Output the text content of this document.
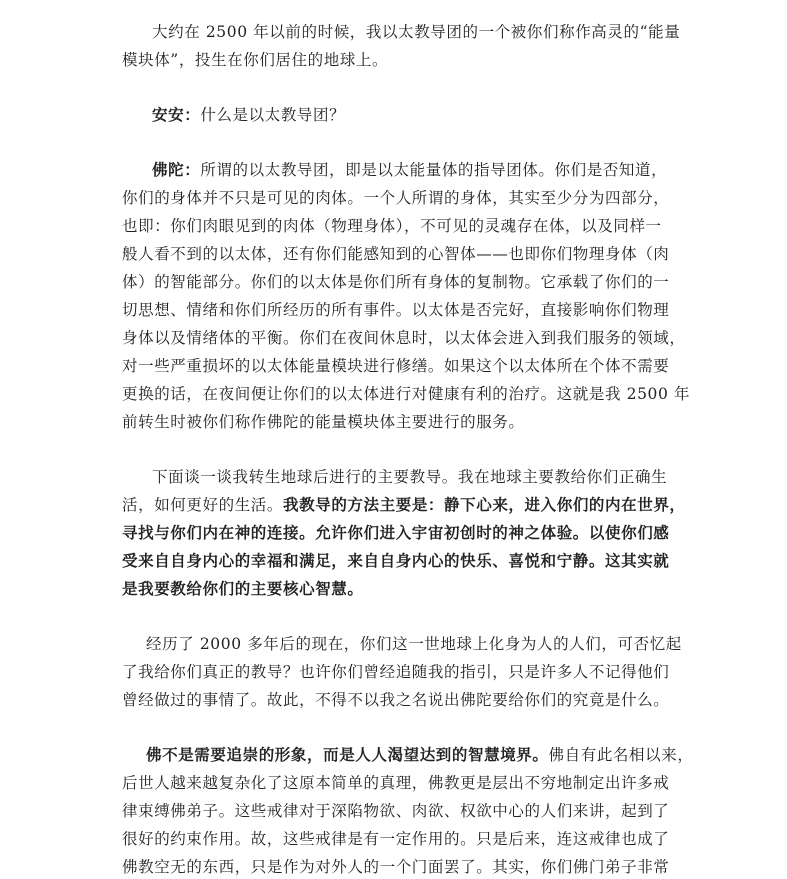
大约在 2500 年以前的时候，我以太教导团的一个被你们称作高灵的“能量
模块体”，投生在你们居住的地球上。
安安：什么是以太教导团？
佛陀：所谓的以太教导团，即是以太能量体的指导团体。你们是否知道，
你们的身体并不只是可见的肉体。一个人所谓的身体，其实至少分为四部分，
也即：你们肉眼见到的肉体（物理身体），不可见的灵魂存在体，以及同样一
般人看不到的以太体，还有你们能感知到的心智体——也即你们物理身体（肉
体）的智能部分。你们的以太体是你们所有身体的复制物。它承载了你们的一
切思想、情绪和你们所经历的所有事件。以太体是否完好，直接影响你们物理
身体以及情绪体的平衡。你们在夜间休息时，以太体会进入到我们服务的领域，
对一些严重损坏的以太体能量模块进行修缮。如果这个以太体所在个体不需要
更换的话，在夜间便让你们的以太体进行对健康有利的治疗。这就是我 2500 年
前转生时被你们称作佛陀的能量模块体主要进行的服务。
下面谈一谈我转生地球后进行的主要教导。我在地球主要教给你们正确生
活，如何更好的生活。我教导的方法主要是：静下心来，进入你们的内在世界，
寻找与你们内在神的连接。允许你们进入宇宙初创时的神之体验。以使你们感
受来自自身内心的幸福和满足，来自自身内心的快乐、喜悦和宁静。这其实就
是我要教给你们的主要核心智慧。
经历了 2000 多年后的现在，你们这一世地球上化身为人的人们，可否忆起
了我给你们真正的教导？也许你们曾经追随我的指引，只是许多人不记得他们
曾经做过的事情了。故此，不得不以我之名说出佛陀要给你们的究竟是什么。
佛不是需要追崇的形象，而是人人渴望达到的智慧境界。佛自有此名相以来，
后世人越来越复杂化了这原本简单的真理，佛教更是层出不穷地制定出许多戒
律束缚佛弟子。这些戒律对于深陷物欲、肉欲、权欲中心的人们来讲，起到了
很好的约束作用。故，这些戒律是有一定作用的。只是后来，连这戒律也成了
佛教空无的东西，只是作为对外人的一个门面罢了。其实，你们佛门弟子非常
